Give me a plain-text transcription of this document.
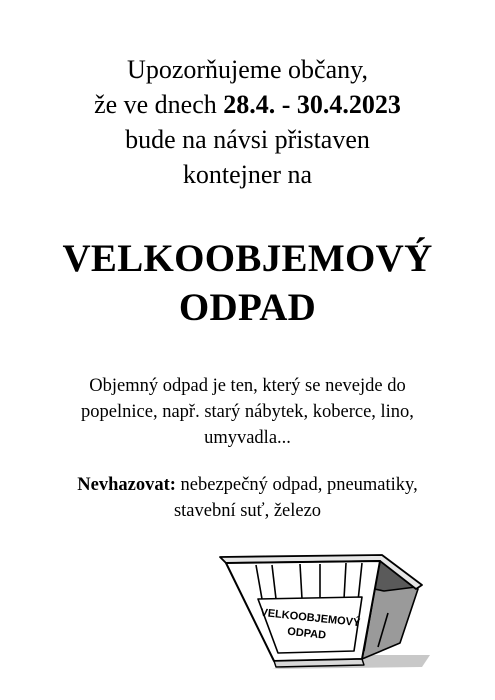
Upozorňujeme občany,
že ve dnech 28.4. - 30.4.2023
bude na návsi přistaven
kontejner na
VELKOOBJEMOVÝ
ODPAD
Objemný odpad je ten, který se nevejde do
popelnice, např. starý nábytek, koberce, lino,
umyvadla...
Nevhazovat: nebezpečný odpad, pneumatiky,
stavební suť, železo
VELKOOBJEMOVÝ
ODPAD
